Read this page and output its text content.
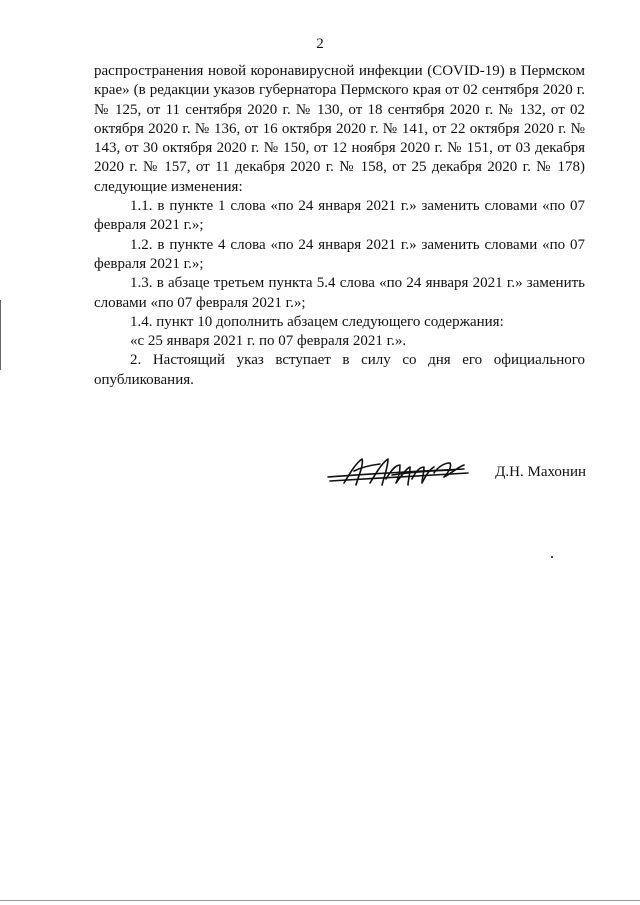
2

распространения новой коронавирусной инфекции (COVID-19) в Пермском крае» (в редакции указов губернатора Пермского края от 02 сентября 2020 г. № 125, от 11 сентября 2020 г. № 130, от 18 сентября 2020 г. № 132, от 02 октября 2020 г. № 136, от 16 октября 2020 г. № 141, от 22 октября 2020 г. № 143, от 30 октября 2020 г. № 150, от 12 ноября 2020 г. № 151, от 03 декабря 2020 г. № 157, от 11 декабря 2020 г. № 158, от 25 декабря 2020 г. № 178) следующие изменения:

1.1. в пункте 1 слова «по 24 января 2021 г.» заменить словами «по 07 февраля 2021 г.»;

1.2. в пункте 4 слова «по 24 января 2021 г.» заменить словами «по 07 февраля 2021 г.»;

1.3. в абзаце третьем пункта 5.4 слова «по 24 января 2021 г.» заменить словами «по 07 февраля 2021 г.»;

1.4. пункт 10 дополнить абзацем следующего содержания:

«с 25 января 2021 г. по 07 февраля 2021 г.».

2. Настоящий указ вступает в силу со дня его официального опубликования.

Д.Н. Махонин
